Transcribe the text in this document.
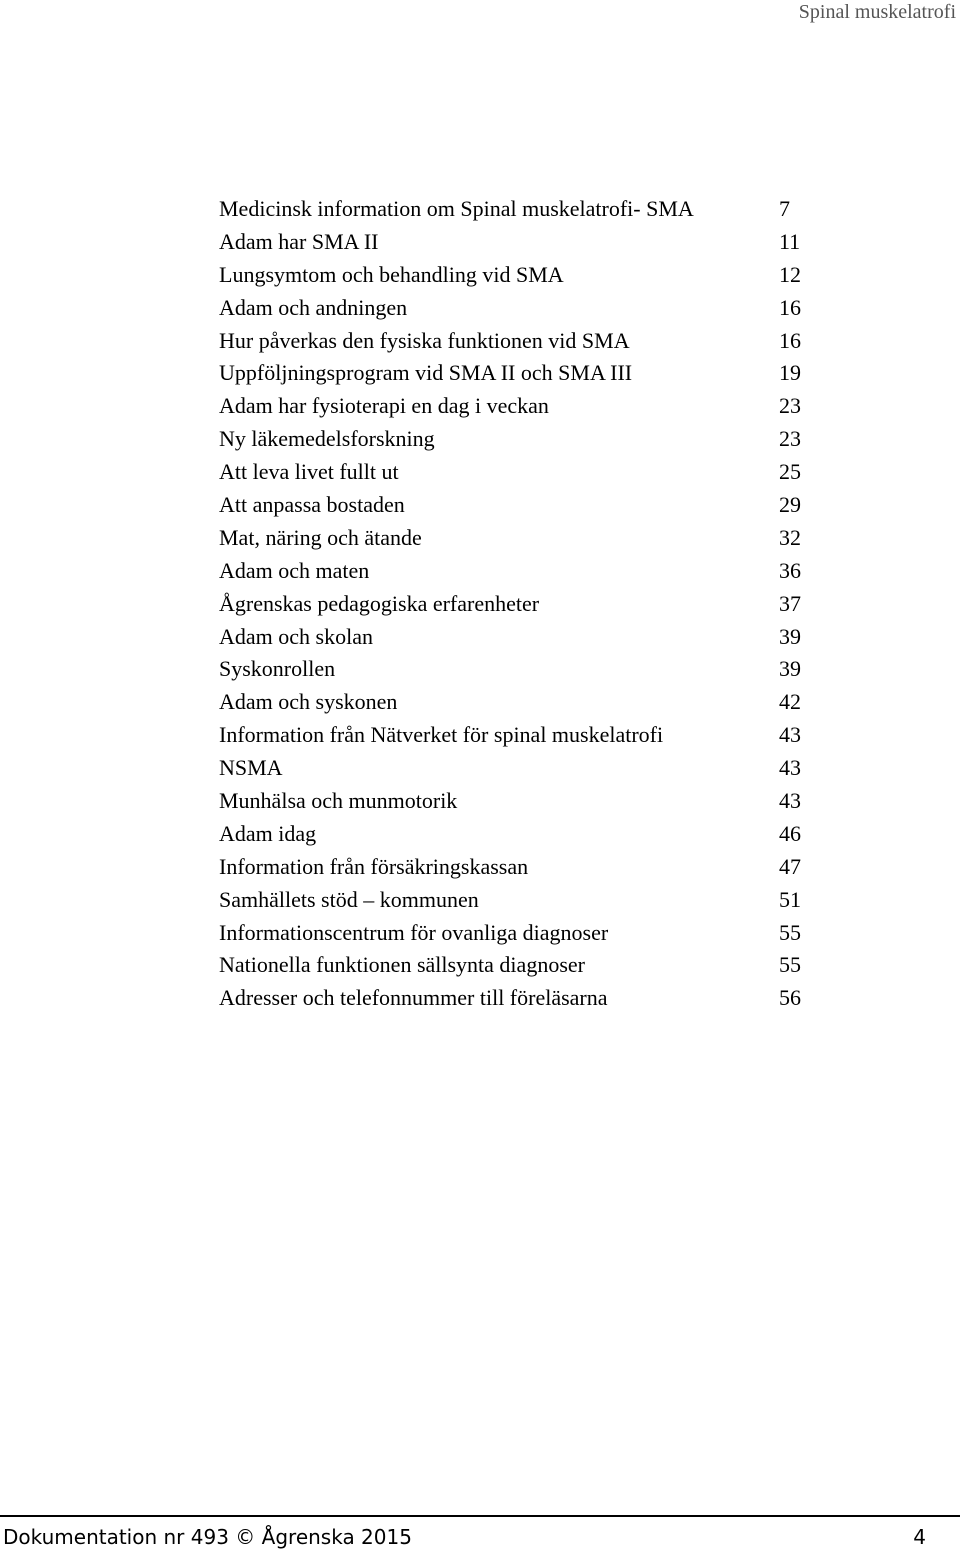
Spinal muskelatrofi
Medicinsk information om Spinal muskelatrofi- SMA	7
Adam har SMA II	11
Lungsymtom och behandling vid SMA	12
Adam och andningen	16
Hur påverkas den fysiska funktionen vid SMA	16
Uppföljningsprogram vid SMA II och SMA III	19
Adam har fysioterapi en dag i veckan	23
Ny läkemedelsforskning	23
Att leva livet fullt ut	25
Att anpassa bostaden	29
Mat, näring och ätande	32
Adam och maten	36
Ågrenskas pedagogiska erfarenheter	37
Adam och skolan	39
Syskonrollen	39
Adam och syskonen	42
Information från Nätverket för spinal muskelatrofi	43
NSMA	43
Munhälsa och munmotorik	43
Adam idag	46
Information från försäkringskassan	47
Samhällets stöd – kommunen	51
Informationscentrum för ovanliga diagnoser	55
Nationella funktionen sällsynta diagnoser	55
Adresser och telefonnummer till föreläsarna	56
Dokumentation nr 493 © Ågrenska 2015	4
